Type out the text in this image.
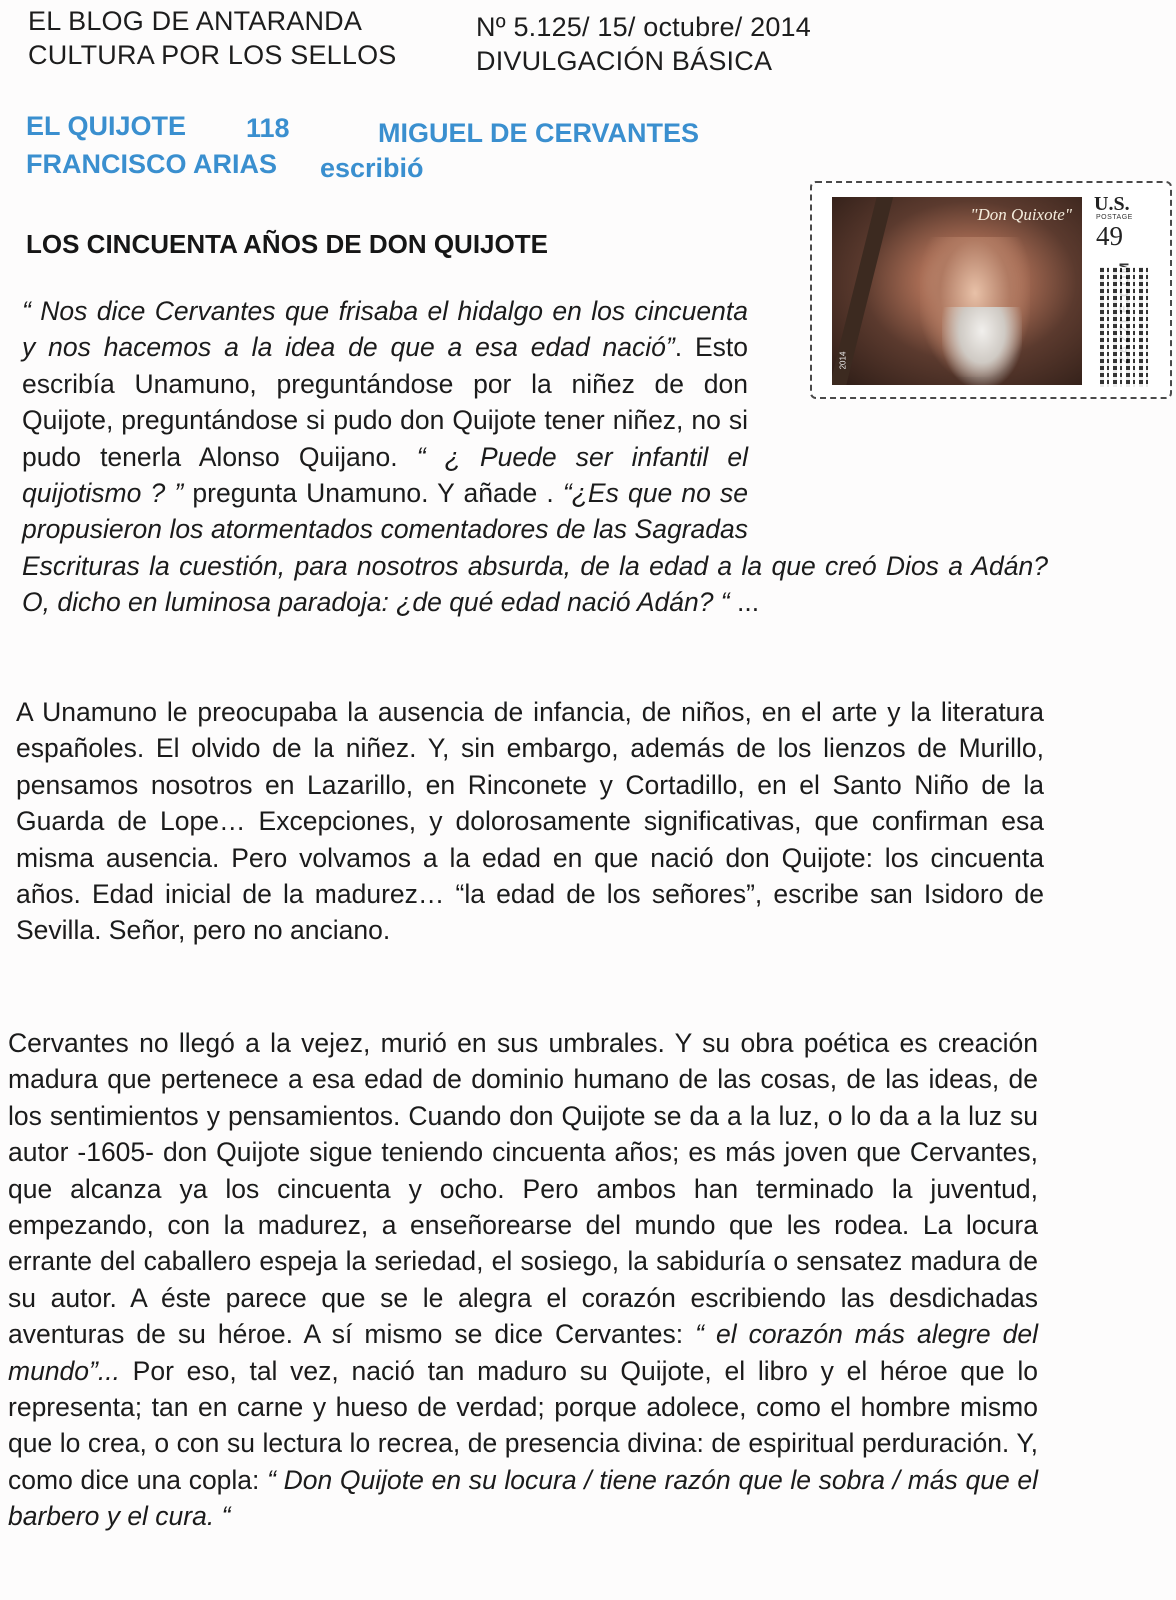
EL BLOG DE ANTARANDA
CULTURA POR LOS SELLOS
Nº 5.125/ 15/ octubre/ 2014
DIVULGACIÓN BÁSICA
EL QUIJOTE 118	MIGUEL DE CERVANTES
FRANCISCO ARIAS escribió
"Don Quixote"
2014
U.S.
POSTAGE
49
LOS CINCUENTA AÑOS DE DON QUIJOTE

“ Nos dice Cervantes que frisaba el hidalgo en los cincuenta y nos hacemos a la idea de que a esa edad nació”. Esto escribía Unamuno, preguntándose por la niñez de don Quijote, preguntándose si pudo don Quijote tener niñez, no si pudo tenerla Alonso Quijano. “ ¿ Puede ser infantil el quijotismo ? ” pregunta Unamuno. Y añade . “¿Es que no se propusieron los atormentados comentadores de las Sagradas Escrituras la cuestión, para nosotros absurda, de la edad a la que creó Dios a Adán? O, dicho en luminosa paradoja: ¿de qué edad nació Adán? “ ...

A Unamuno le preocupaba la ausencia de infancia, de niños, en el arte y la literatura españoles. El olvido de la niñez. Y, sin embargo, además de los lienzos de Murillo, pensamos nosotros en Lazarillo, en Rinconete y Cortadillo, en el Santo Niño de la Guarda de Lope… Excepciones, y dolorosamente significativas, que confirman esa misma ausencia. Pero volvamos a la edad en que nació don Quijote: los cincuenta años. Edad inicial de la madurez… “la edad de los señores”, escribe san Isidoro de Sevilla. Señor, pero no anciano.

Cervantes no llegó a la vejez, murió en sus umbrales. Y su obra poética es creación madura que pertenece a esa edad de dominio humano de las cosas, de las ideas, de los sentimientos y pensamientos. Cuando don Quijote se da a la luz, o lo da a la luz su autor -1605- don Quijote sigue teniendo cincuenta años; es más joven que Cervantes, que alcanza ya los cincuenta y ocho. Pero ambos han terminado la juventud, empezando, con la madurez, a enseñorearse del mundo que les rodea. La locura errante del caballero espeja la seriedad, el sosiego, la sabiduría o sensatez madura de su autor. A éste parece que se le alegra el corazón escribiendo las desdichadas aventuras de su héroe. A sí mismo se dice Cervantes: “ el corazón más alegre del mundo”... Por eso, tal vez, nació tan maduro su Quijote, el libro y el héroe que lo representa; tan en carne y hueso de verdad; porque adolece, como el hombre mismo que lo crea, o con su lectura lo recrea, de presencia divina: de espiritual perduración. Y, como dice una copla: “ Don Quijote en su locura / tiene razón que le sobra / más que el barbero y el cura. “
